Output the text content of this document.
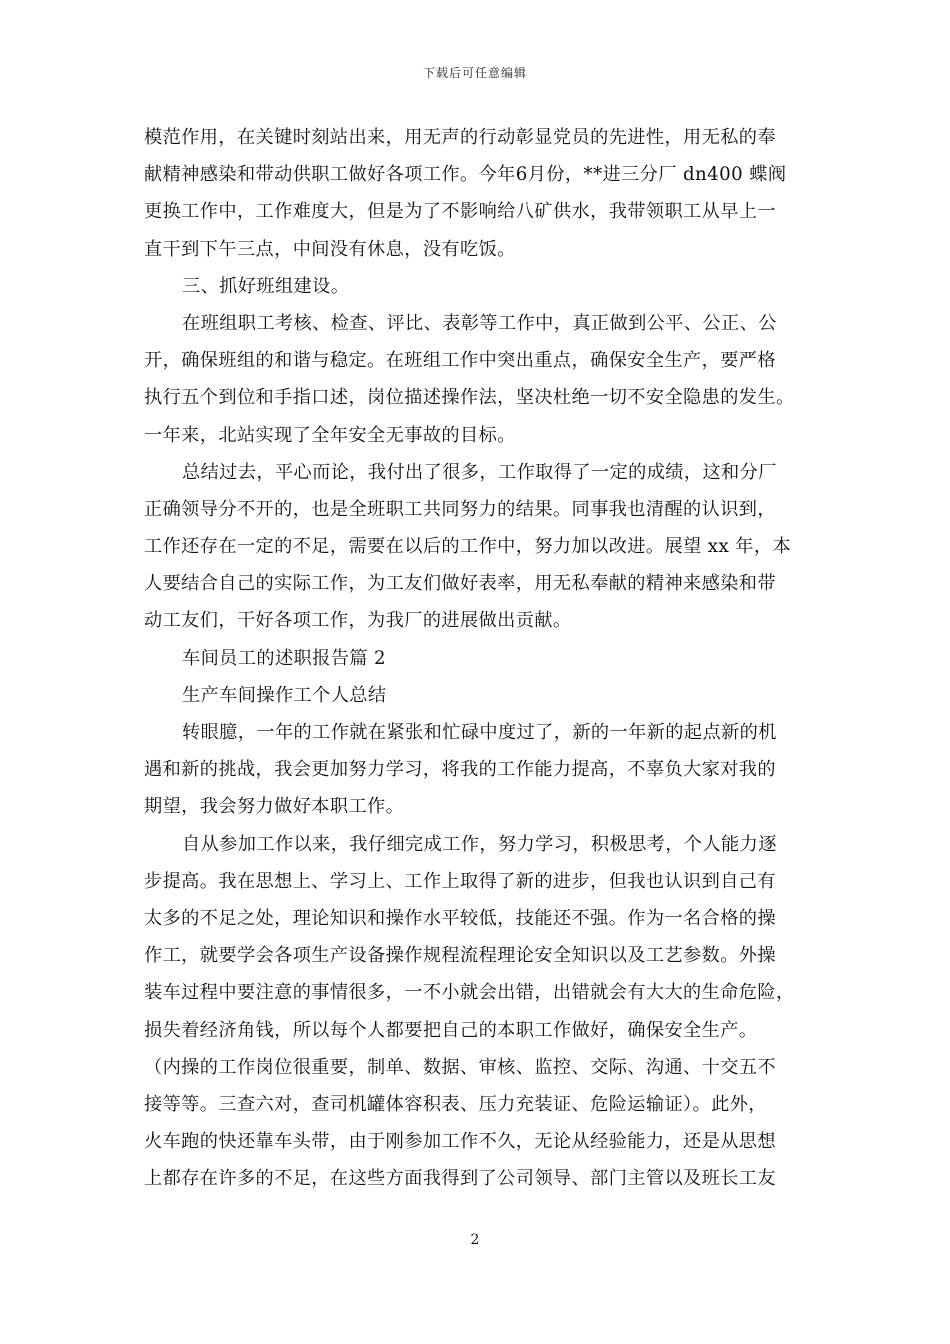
下载后可任意编辑
模范作用，在关键时刻站出来，用无声的行动彰显党员的先进性，用无私的奉
献精神感染和带动供职工做好各项工作。今年6月份，**进三分厂 dn400 蝶阀
更换工作中，工作难度大，但是为了不影响给八矿供水，我带领职工从早上一
直干到下午三点，中间没有休息，没有吃饭。
三、抓好班组建设。
在班组职工考核、检查、评比、表彰等工作中，真正做到公平、公正、公
开，确保班组的和谐与稳定。在班组工作中突出重点，确保安全生产，要严格
执行五个到位和手指口述，岗位描述操作法，坚决杜绝一切不安全隐患的发生。
一年来，北站实现了全年安全无事故的目标。
总结过去，平心而论，我付出了很多，工作取得了一定的成绩，这和分厂
正确领导分不开的，也是全班职工共同努力的结果。同事我也清醒的认识到，
工作还存在一定的不足，需要在以后的工作中，努力加以改进。展望 xx 年，本
人要结合自己的实际工作，为工友们做好表率，用无私奉献的精神来感染和带
动工友们，干好各项工作，为我厂的进展做出贡献。
车间员工的述职报告篇 2
生产车间操作工个人总结
转眼臆，一年的工作就在紧张和忙碌中度过了，新的一年新的起点新的机
遇和新的挑战，我会更加努力学习，将我的工作能力提高，不辜负大家对我的
期望，我会努力做好本职工作。
自从参加工作以来，我仔细完成工作，努力学习，积极思考，个人能力逐
步提高。我在思想上、学习上、工作上取得了新的进步，但我也认识到自己有
太多的不足之处，理论知识和操作水平较低，技能还不强。作为一名合格的操
作工，就要学会各项生产设备操作规程流程理论安全知识以及工艺参数。外操
装车过程中要注意的事情很多，一不小就会出错，出错就会有大大的生命危险，
损失着经济角钱，所以每个人都要把自己的本职工作做好，确保安全生产。
（内操的工作岗位很重要，制单、数据、审核、监控、交际、沟通、十交五不
接等等。三查六对，查司机罐体容积表、压力充装证、危险运输证）。此外，
火车跑的快还靠车头带，由于刚参加工作不久，无论从经验能力，还是从思想
上都存在许多的不足，在这些方面我得到了公司领导、部门主管以及班长工友
2
